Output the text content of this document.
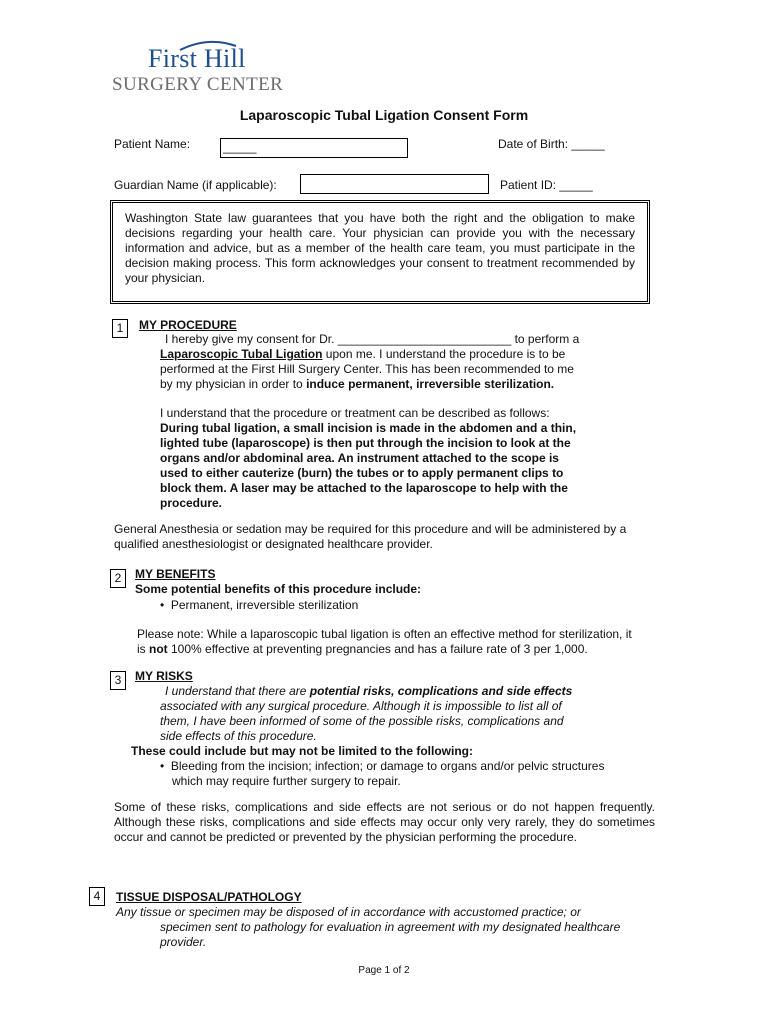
First Hill
SURGERY CENTER
Laparoscopic Tubal Ligation Consent Form
Patient Name:	_____	Date of Birth: _____
Guardian Name (if applicable):	Patient ID: _____
Washington State law guarantees that you have both the right and the obligation to make decisions regarding your health care. Your physician can provide you with the necessary information and advice, but as a member of the health care team, you must participate in the decision making process. This form acknowledges your consent to treatment recommended by your physician.
1	MY PROCEDURE
I hereby give my consent for Dr. __________________________ to perform a
Laparoscopic Tubal Ligation upon me. I understand the procedure is to be
performed at the First Hill Surgery Center. This has been recommended to me
by my physician in order to induce permanent, irreversible sterilization.
I understand that the procedure or treatment can be described as follows:
During tubal ligation, a small incision is made in the abdomen and a thin,
lighted tube (laparoscope) is then put through the incision to look at the
organs and/or abdominal area. An instrument attached to the scope is
used to either cauterize (burn) the tubes or to apply permanent clips to
block them. A laser may be attached to the laparoscope to help with the
procedure.
General Anesthesia or sedation may be required for this procedure and will be administered by a qualified anesthesiologist or designated healthcare provider.
2	MY BENEFITS
Some potential benefits of this procedure include:
•  Permanent, irreversible sterilization
Please note: While a laparoscopic tubal ligation is often an effective method for sterilization, it
is not 100% effective at preventing pregnancies and has a failure rate of 3 per 1,000.
3	MY RISKS
I understand that there are potential risks, complications and side effects
associated with any surgical procedure. Although it is impossible to list all of
them, I have been informed of some of the possible risks, complications and
side effects of this procedure.
These could include but may not be limited to the following:
•  Bleeding from the incision; infection; or damage to organs and/or pelvic structures
which may require further surgery to repair.
Some of these risks, complications and side effects are not serious or do not happen frequently. Although these risks, complications and side effects may occur only very rarely, they do sometimes occur and cannot be predicted or prevented by the physician performing the procedure.
4	TISSUE DISPOSAL/PATHOLOGY
Any tissue or specimen may be disposed of in accordance with accustomed practice; or
specimen sent to pathology for evaluation in agreement with my designated healthcare
provider.
Page 1 of 2
